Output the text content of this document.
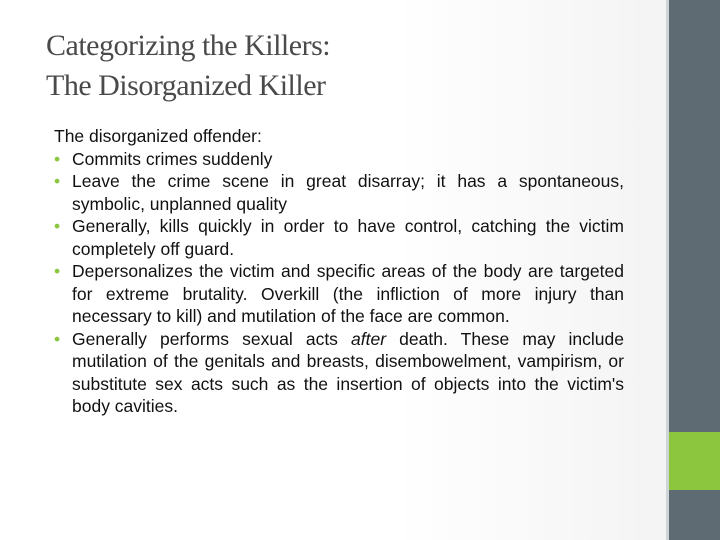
Categorizing the Killers:
The Disorganized Killer

The disorganized offender:

• Commits crimes suddenly
• Leave the crime scene in great disarray; it has a spontaneous, symbolic, unplanned quality
• Generally, kills quickly in order to have control, catching the victim completely off guard.
• Depersonalizes the victim and specific areas of the body are targeted for extreme brutality. Overkill (the infliction of more injury than necessary to kill) and mutilation of the face are common.
• Generally performs sexual acts after death. These may include mutilation of the genitals and breasts, disembowelment, vampirism, or substitute sex acts such as the insertion of objects into the victim's body cavities.
